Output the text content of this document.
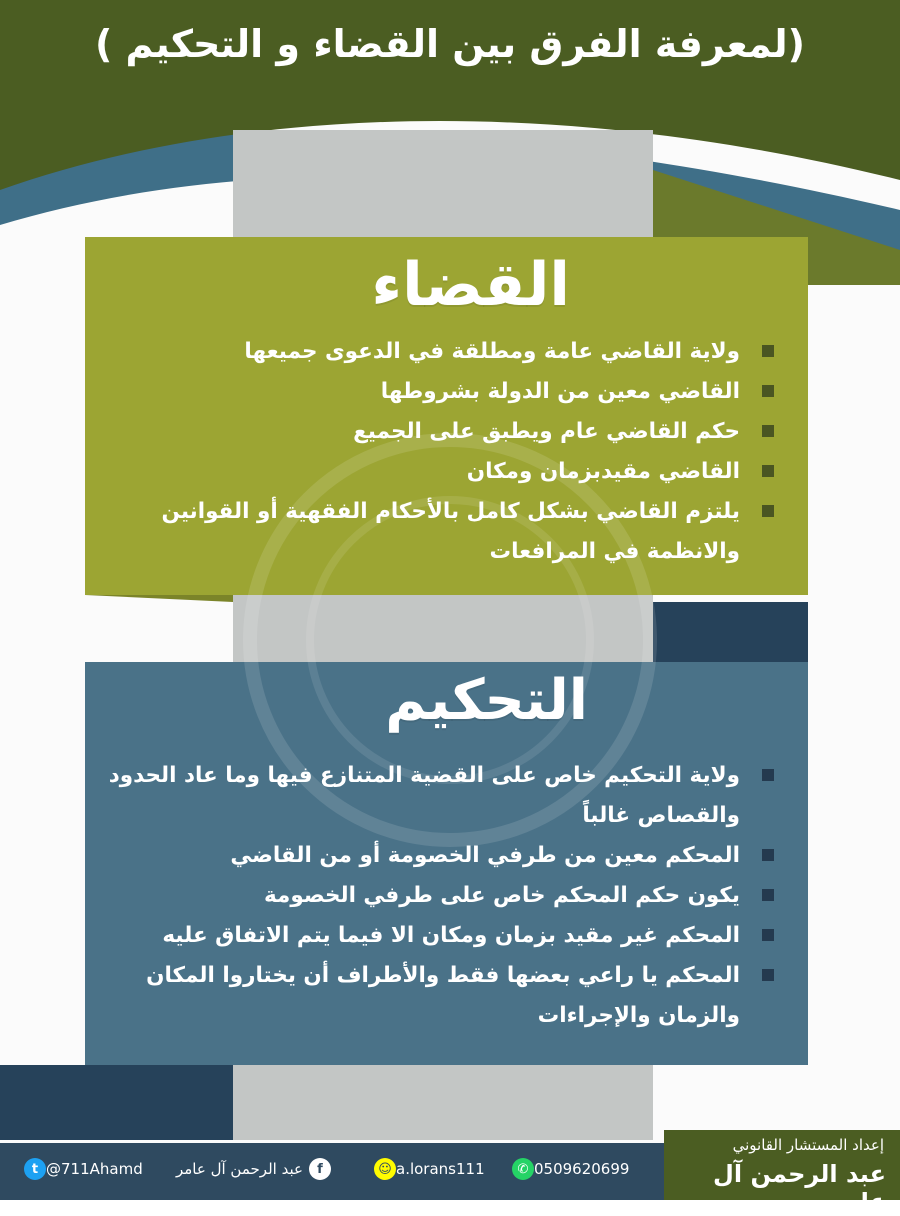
(لمعرفة الفرق بين القضاء و التحكيم )
القضاء
ولاية القاضي عامة ومطلقة في الدعوى جميعها
القاضي معين من الدولة بشروطها
حكم القاضي عام ويطبق على الجميع
القاضي مقيدبزمان ومكان
يلتزم القاضي بشكل كامل بالأحكام الفقهية أو القوانين والانظمة في المرافعات
التحكيم
ولاية التحكيم خاص على القضية المتنازع فيها وما عاد الحدود والقصاص غالباً
المحكم معين من طرفي الخصومة أو من القاضي
يكون حكم المحكم خاص على طرفي الخصومة
المحكم غير مقيد بزمان ومكان الا فيما يتم الاتفاق عليه
المحكم يا راعي بعضها فقط والأطراف أن يختاروا المكان والزمان والإجراءات
إعداد المستشار القانوني
عبد الرحمن آل عامر
✆ 0509620699
☺ a.lorans111
f
عبد الرحمن آل عامر
t @711Ahamd
